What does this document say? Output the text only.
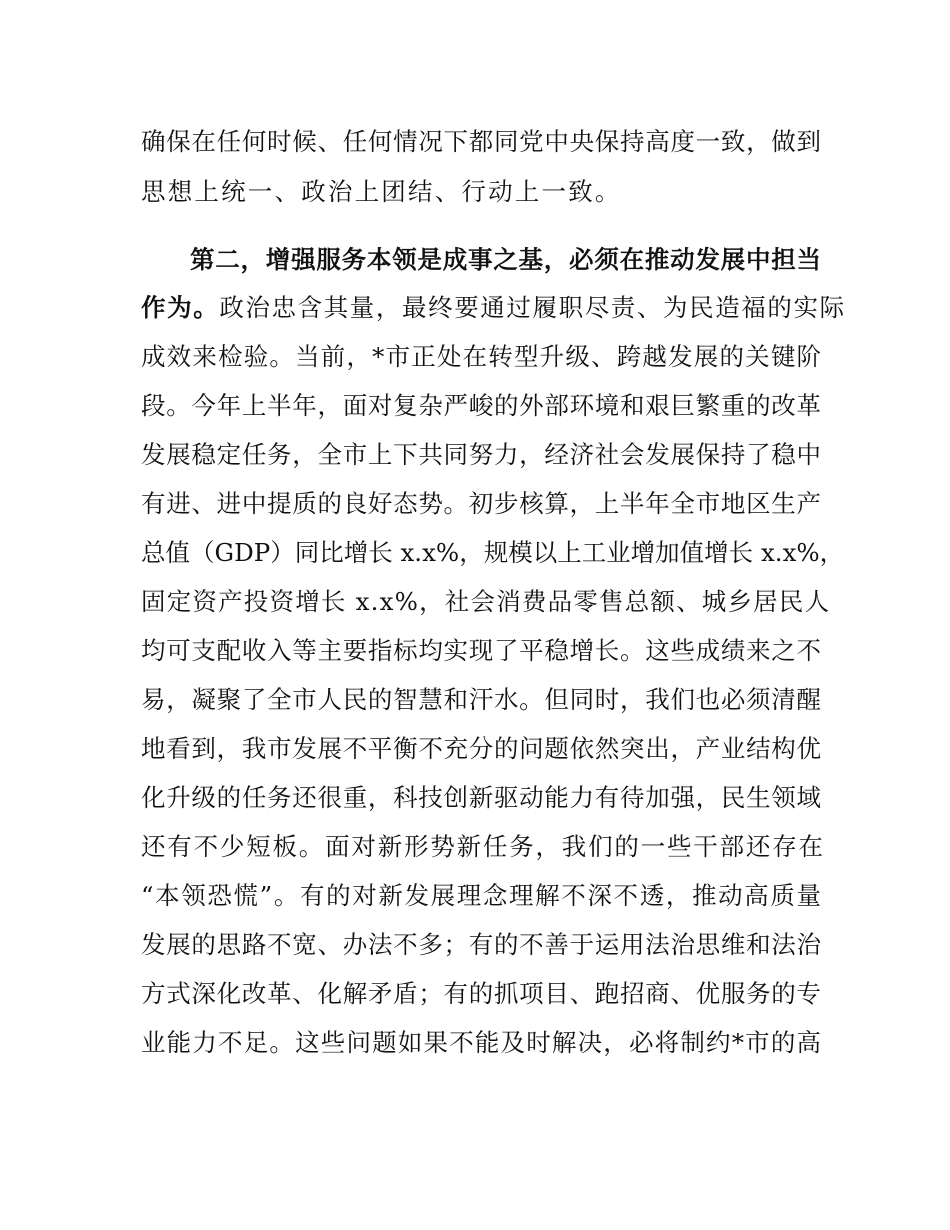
确保在任何时候、任何情况下都同党中央保持高度一致，做到
思想上统一、政治上团结、行动上一致。
第二，增强服务本领是成事之基，必须在推动发展中担当
作为。政治忠含其量，最终要通过履职尽责、为民造福的实际
成效来检验。当前，*市正处在转型升级、跨越发展的关键阶
段。今年上半年，面对复杂严峻的外部环境和艰巨繁重的改革
发展稳定任务，全市上下共同努力，经济社会发展保持了稳中
有进、进中提质的良好态势。初步核算，上半年全市地区生产
总值（GDP）同比增长 x.x%，规模以上工业增加值增长 x.x%，
固定资产投资增长 x.x%，社会消费品零售总额、城乡居民人
均可支配收入等主要指标均实现了平稳增长。这些成绩来之不
易，凝聚了全市人民的智慧和汗水。但同时，我们也必须清醒
地看到，我市发展不平衡不充分的问题依然突出，产业结构优
化升级的任务还很重，科技创新驱动能力有待加强，民生领域
还有不少短板。面对新形势新任务，我们的一些干部还存在
“本领恐慌”。有的对新发展理念理解不深不透，推动高质量
发展的思路不宽、办法不多；有的不善于运用法治思维和法治
方式深化改革、化解矛盾；有的抓项目、跑招商、优服务的专
业能力不足。这些问题如果不能及时解决，必将制约*市的高
